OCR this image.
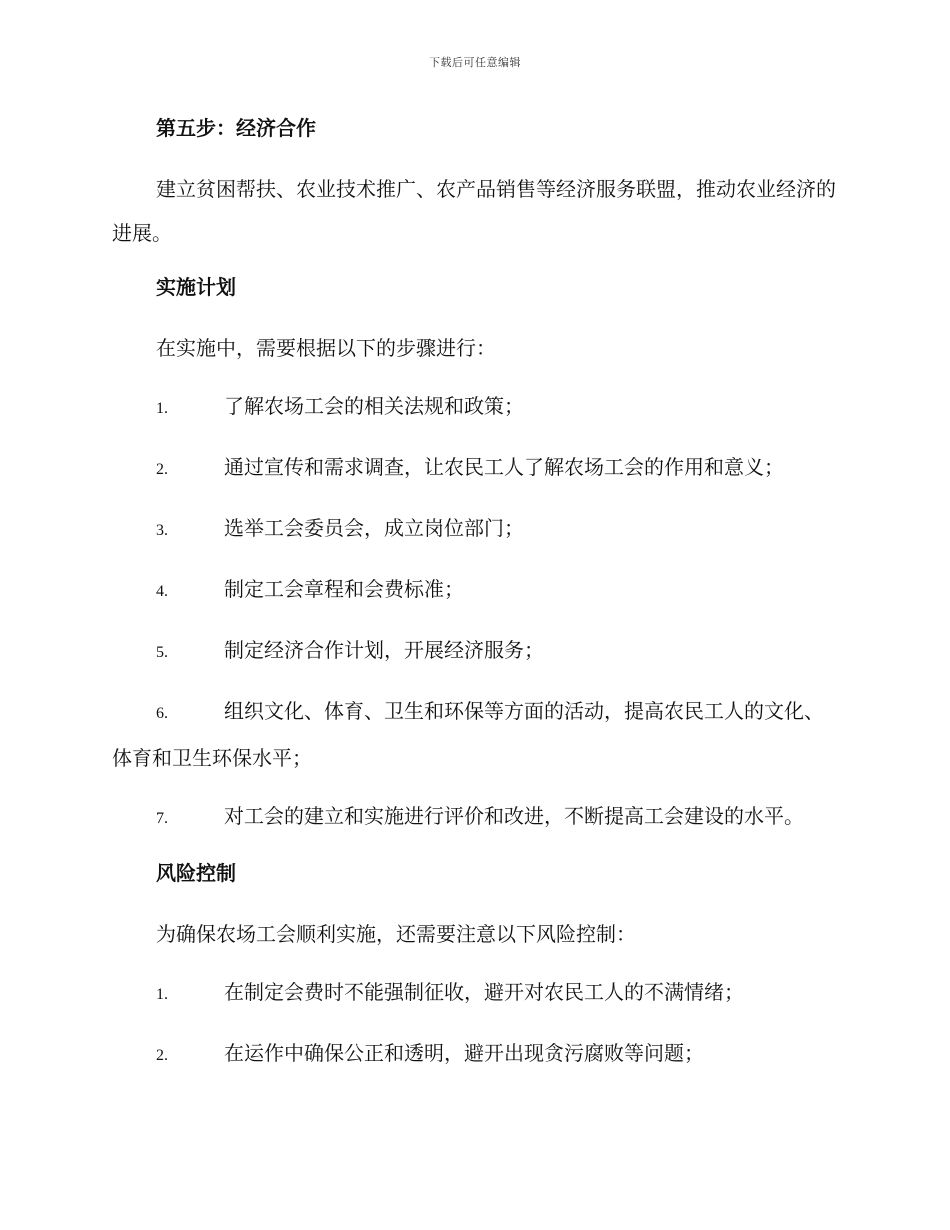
下载后可任意编辑
第五步：经济合作
建立贫困帮扶、农业技术推广、农产品销售等经济服务联盟，推动农业经济的进展。
实施计划
在实施中，需要根据以下的步骤进行：
1.	了解农场工会的相关法规和政策；
2.	通过宣传和需求调查，让农民工人了解农场工会的作用和意义；
3.	选举工会委员会，成立岗位部门；
4.	制定工会章程和会费标准；
5.	制定经济合作计划，开展经济服务；
6.	组织文化、体育、卫生和环保等方面的活动，提高农民工人的文化、体育和卫生环保水平；
7.	对工会的建立和实施进行评价和改进，不断提高工会建设的水平。
风险控制
为确保农场工会顺利实施，还需要注意以下风险控制：
1.	在制定会费时不能强制征收，避开对农民工人的不满情绪；
2.	在运作中确保公正和透明，避开出现贪污腐败等问题；
